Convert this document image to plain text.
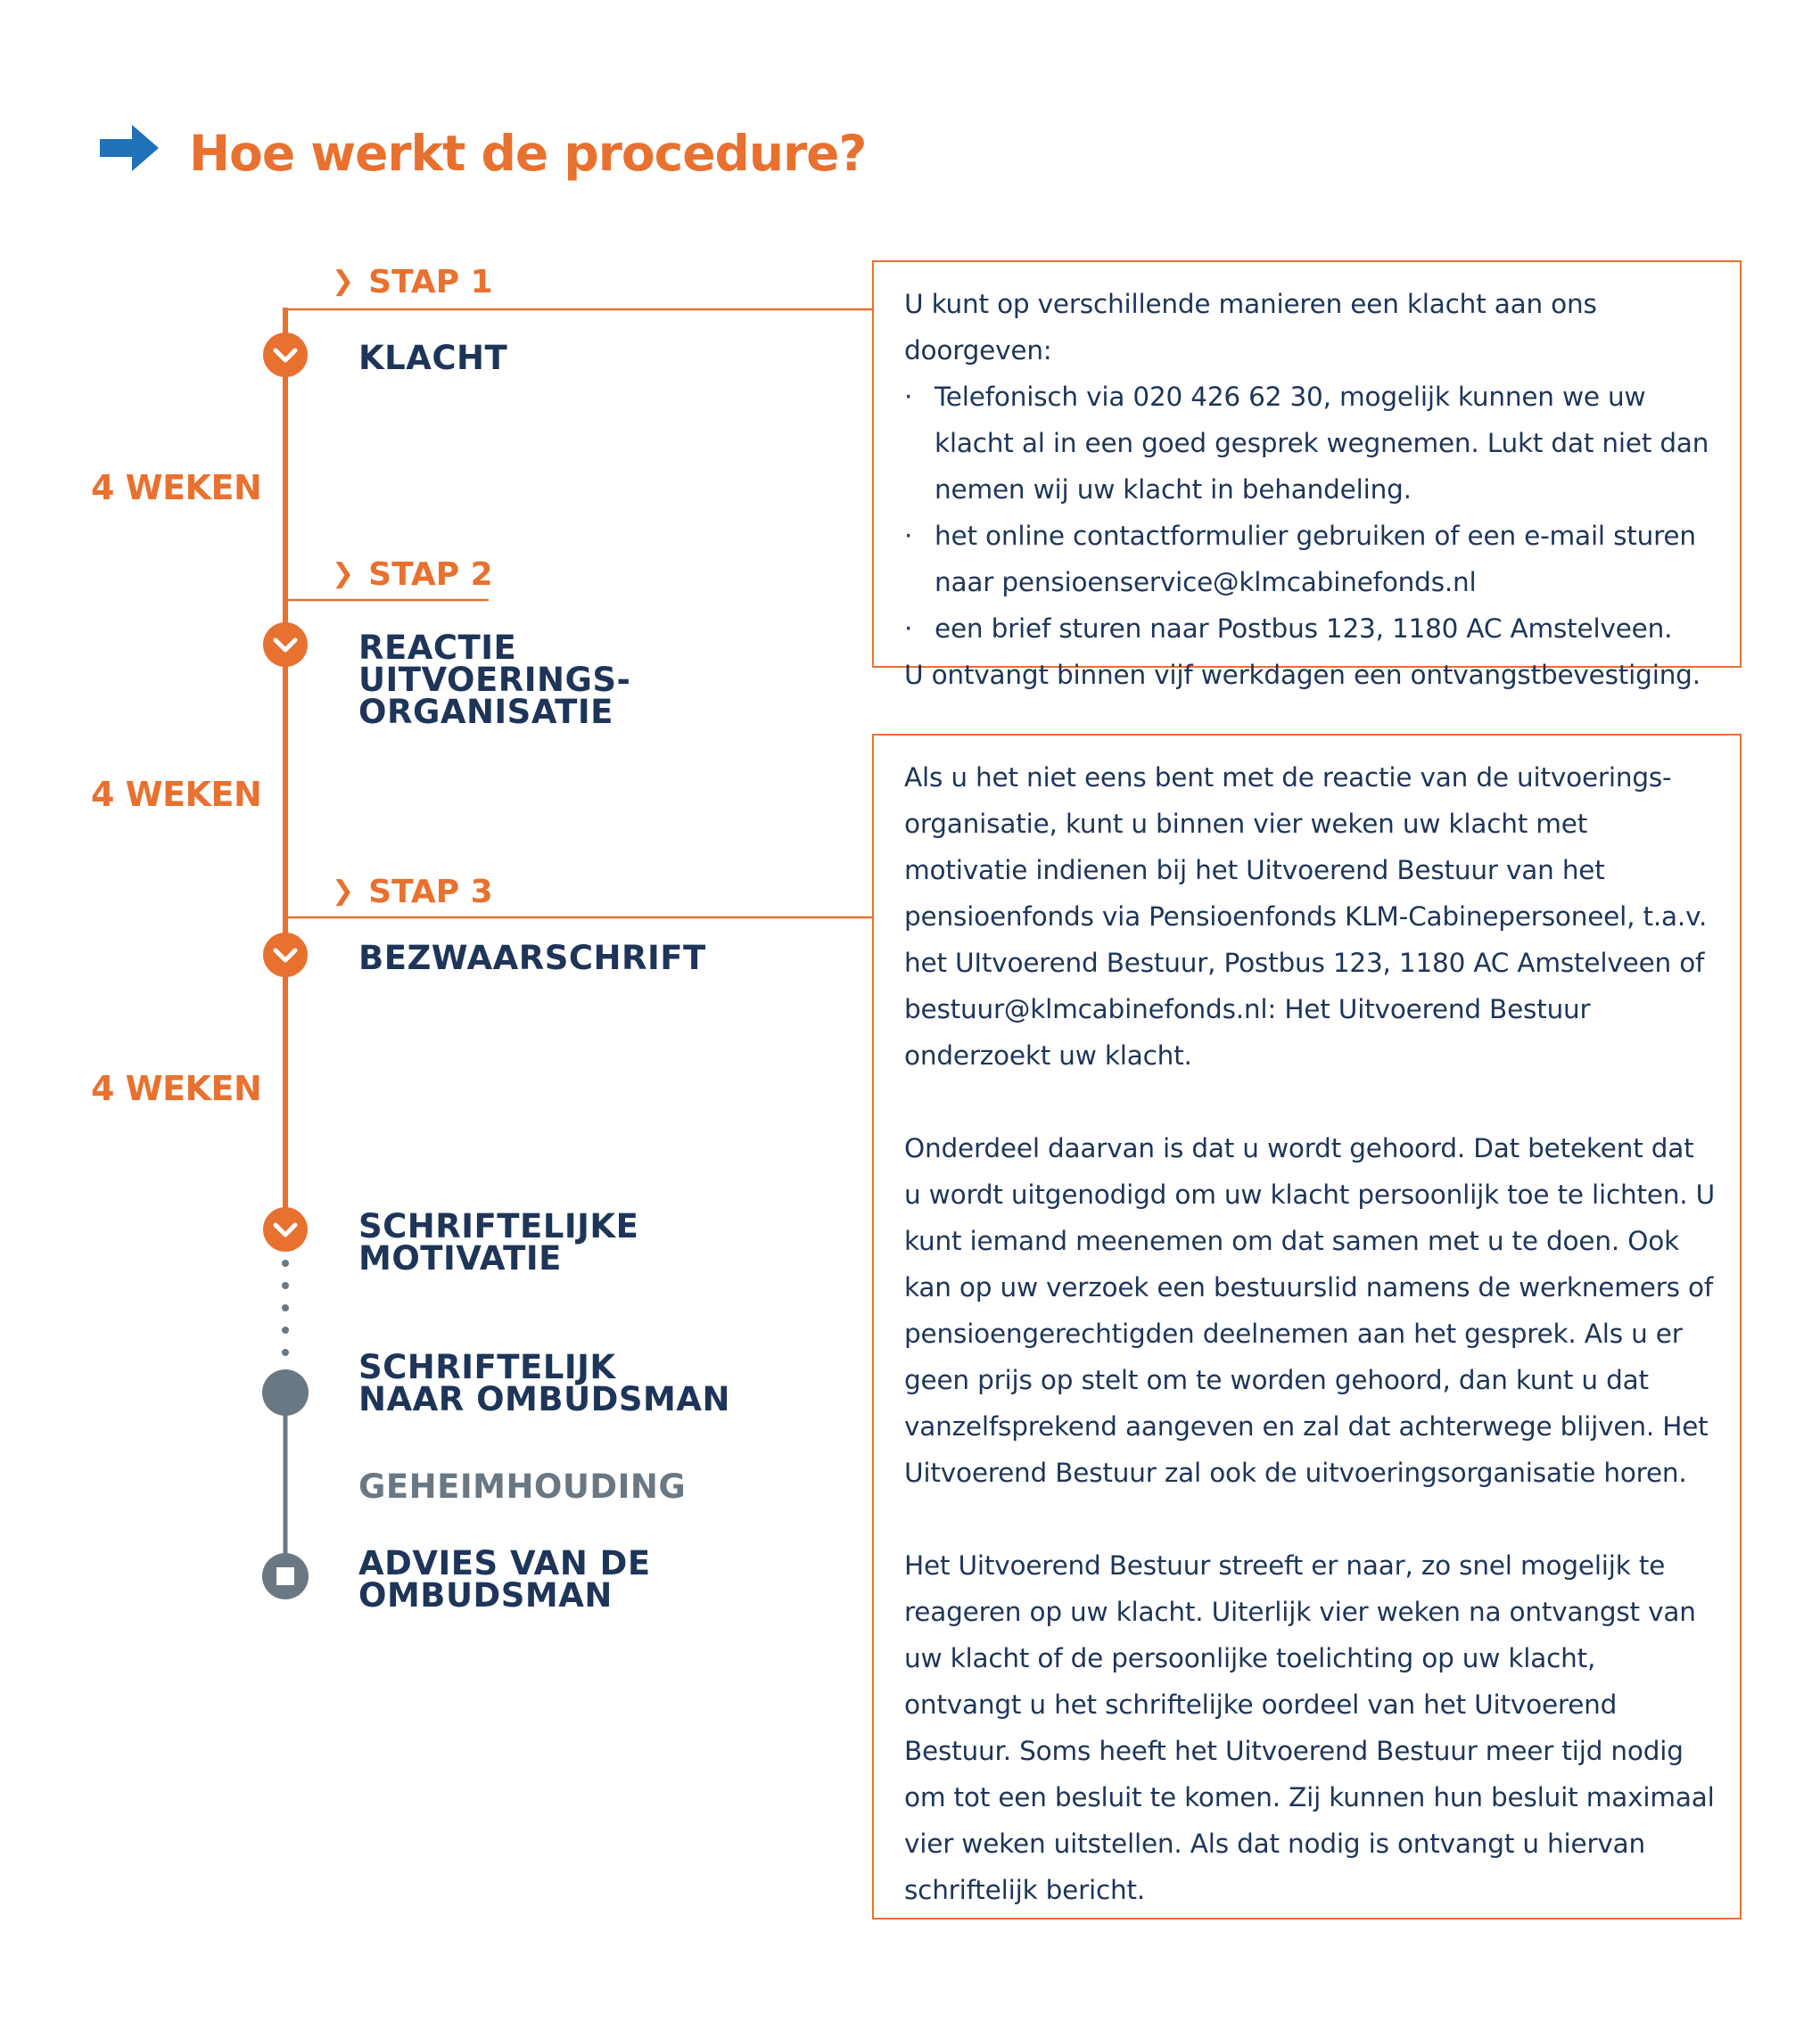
Hoe werkt de procedure?
❯ STAP 1
❯ STAP 2
❯ STAP 3
4 WEKEN
4 WEKEN
4 WEKEN
KLACHT
REACTIE
UITVOERINGS-
ORGANISATIE
BEZWAARSCHRIFT
SCHRIFTELIJKE
MOTIVATIE
SCHRIFTELIJK
NAAR OMBUDSMAN
GEHEIMHOUDING
ADVIES VAN DE
OMBUDSMAN
U kunt op verschillende manieren een klacht aan ons doorgeven:
· Telefonisch via 020 426 62 30, mogelijk kunnen we uw klacht al in een goed gesprek wegnemen. Lukt dat niet dan nemen wij uw klacht in behandeling.
· het online contactformulier gebruiken of een e-mail sturen naar pensioenservice@klmcabinefonds.nl
· een brief sturen naar Postbus 123, 1180 AC Amstelveen.
U ontvangt binnen vijf werkdagen een ontvangstbevestiging.

Als u het niet eens bent met de reactie van de uitvoerings-organisatie, kunt u binnen vier weken uw klacht met motivatie indienen bij het Uitvoerend Bestuur van het pensioenfonds via Pensioenfonds KLM-Cabinepersoneel, t.a.v. het UItvoerend Bestuur, Postbus 123, 1180 AC Amstelveen of bestuur@klmcabinefonds.nl: Het Uitvoerend Bestuur onderzoekt uw klacht.

Onderdeel daarvan is dat u wordt gehoord. Dat betekent dat u wordt uitgenodigd om uw klacht persoonlijk toe te lichten. U kunt iemand meenemen om dat samen met u te doen. Ook kan op uw verzoek een bestuurslid namens de werknemers of pensioengerechtigden deelnemen aan het gesprek. Als u er geen prijs op stelt om te worden gehoord, dan kunt u dat vanzelfsprekend aangeven en zal dat achterwege blijven. Het Uitvoerend Bestuur zal ook de uitvoeringsorganisatie horen.

Het Uitvoerend Bestuur streeft er naar, zo snel mogelijk te reageren op uw klacht. Uiterlijk vier weken na ontvangst van uw klacht of de persoonlijke toelichting op uw klacht, ontvangt u het schriftelijke oordeel van het Uitvoerend Bestuur. Soms heeft het Uitvoerend Bestuur meer tijd nodig om tot een besluit te komen. Zij kunnen hun besluit maximaal vier weken uitstellen. Als dat nodig is ontvangt u hiervan schriftelijk bericht.
